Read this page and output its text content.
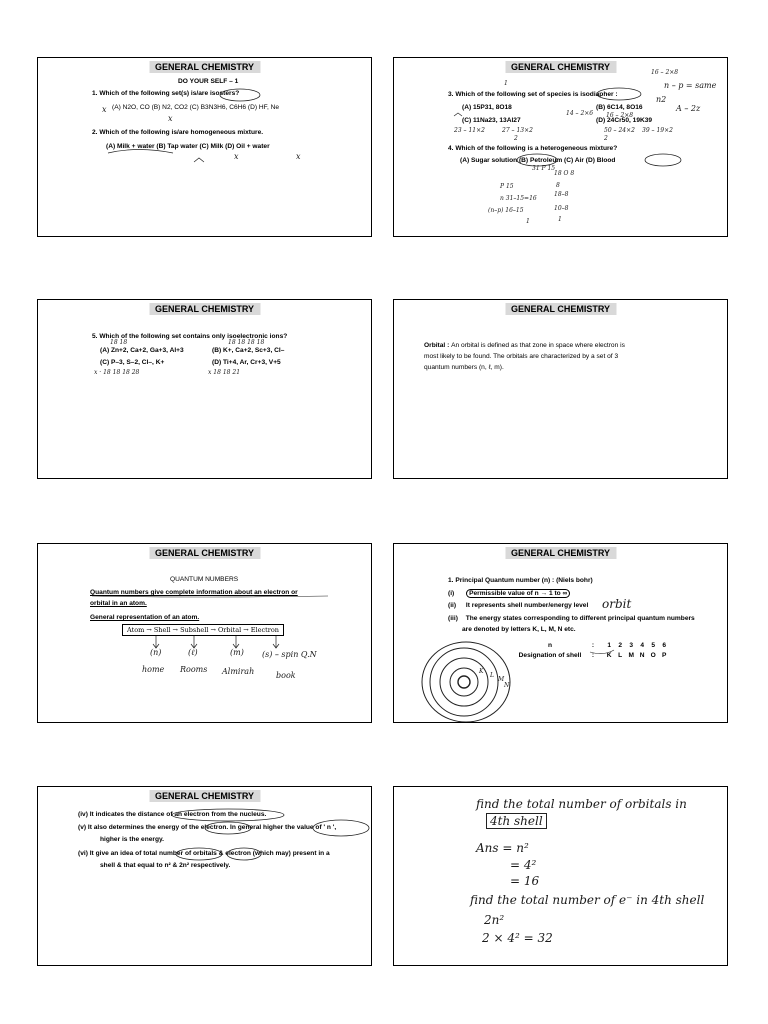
GENERAL CHEMISTRY
DO YOUR SELF – 1
1. Which of the following set(s) is/are isosters?
(A) N2O, CO (B) N2, CO2 (C) B3N3H6, C6H6 (D) HF, Ne
2. Which of the following is/are homogeneous mixture.
(A) Milk + water (B) Tap water (C) Milk (D) Oil + water
x
x
x	x
GENERAL CHEMISTRY
3. Which of the following set of species is isodiapher :
(A) 15P31, 8O18	(B) 6C14, 8O16
(C) 11Na23, 13Al27	(D) 24Cr50, 19K39
4. Which of the following is a heterogeneous mixture?
(A) Sugar solution (B) Petroleum (C) Air (D) Blood
16 – 2×8
n – p = same
n2
A – 2z
14 – 2×6 16 – 2×8
23 – 11×2	27 – 13×2	50 – 24×2 39 – 19×2
2	2
1
1
31 P 15
18 O 8
P 15
n 31–15=16
(n–p) 16–15
1
8
18–8
10–8
GENERAL CHEMISTRY
5. Which of the following set contains only isoelectronic ions?
(A) Zn+2, Ca+2, Ga+3, Al+3	(B) K+, Ca+2, Sc+3, Cl–
(C) P–3, S–2, Cl–, K+	(D) Ti+4, Ar, Cr+3, V+5
18 18	18 18 18 18
x · 18 18 18 28	x 18 18 21
GENERAL CHEMISTRY
Orbital : An orbital is defined as that zone in space where electron is
most likely to be found. The orbitals are characterized by a set of 3
quantum numbers (n, ℓ, m).
GENERAL CHEMISTRY
QUANTUM NUMBERS
Quantum numbers give complete information about an electron or
orbital in an atom.
General representation of an atom.
Atom → Shell → Subshell → Orbital → Electron
(n)	(ℓ)	(m) (s) – spin Q.N
home Rooms Almirah	book
GENERAL CHEMISTRY
1. Principal Quantum number (n) : (Niels bohr)
(i) Permissible value of n → 1 to ∞
(ii) It represents shell number/energy level orbit
(iii) The energy states corresponding to different principal quantum numbers
are denoted by letters K, L, M, N etc.
n	: 1 2 3 4 5 6
Designation of shell : K L M N O P
K
L
M
N
GENERAL CHEMISTRY
(iv) It indicates the distance of an electron from the nucleus.
(v) It also determines the energy of the electron. In general higher the value of ' n ',
higher is the energy.
(vi) It give an idea of total number of orbitals & electron (which may) present in a
shell & that equal to n² & 2n² respectively.
find the total number of orbitals in
4th shell
Ans = n²
= 4²
= 16
find the total number of e⁻ in 4th shell
2n²
2 × 4² = 32
